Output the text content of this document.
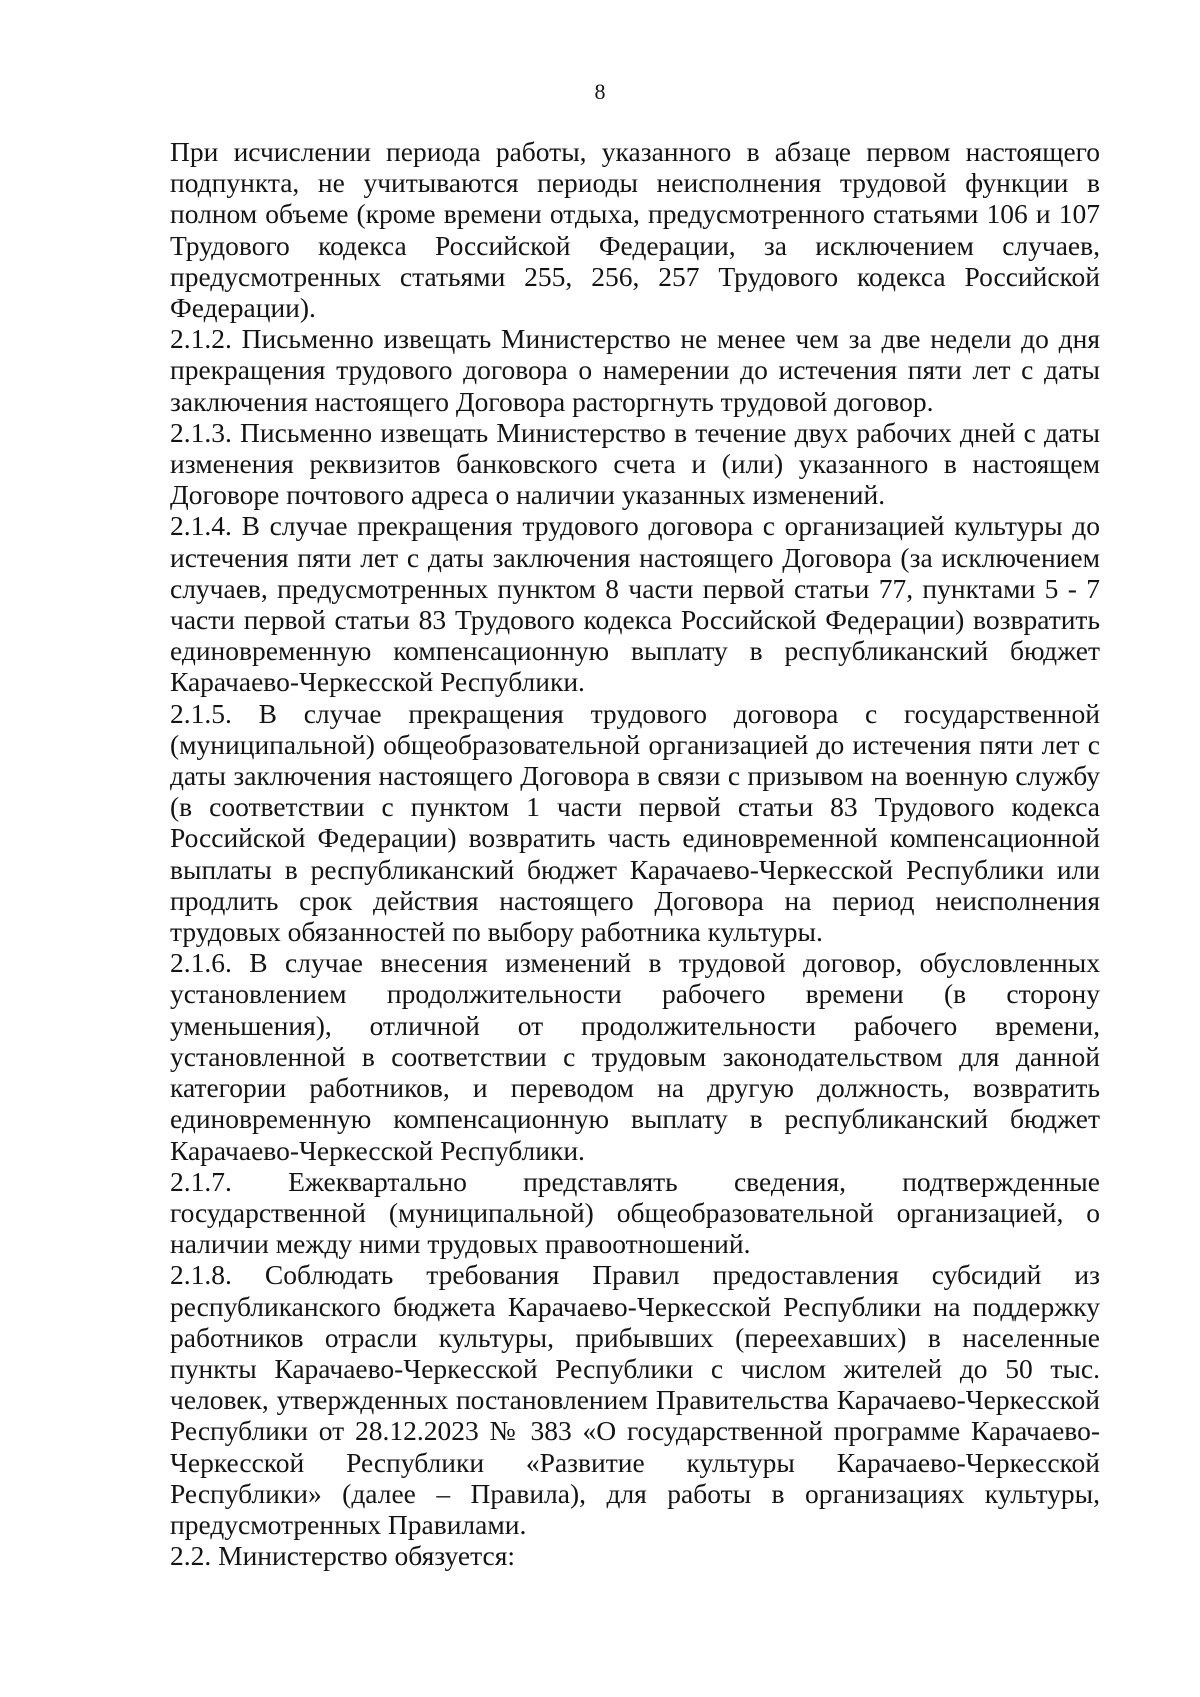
8

При исчислении периода работы, указанного в абзаце первом настоящего подпункта, не учитываются периоды неисполнения трудовой функции в полном объеме (кроме времени отдыха, предусмотренного статьями 106 и 107 Трудового кодекса Российской Федерации, за исключением случаев, предусмотренных статьями 255, 256, 257 Трудового кодекса Российской Федерации).

2.1.2. Письменно извещать Министерство не менее чем за две недели до дня прекращения трудового договора о намерении до истечения пяти лет с даты заключения настоящего Договора расторгнуть трудовой договор.

2.1.3. Письменно извещать Министерство в течение двух рабочих дней с даты изменения реквизитов банковского счета и (или) указанного в настоящем Договоре почтового адреса о наличии указанных изменений.

2.1.4. В случае прекращения трудового договора с организацией культуры до истечения пяти лет с даты заключения настоящего Договора (за исключением случаев, предусмотренных пунктом 8 части первой статьи 77, пунктами 5 - 7 части первой статьи 83 Трудового кодекса Российской Федерации) возвратить единовременную компенсационную выплату в республиканский бюджет Карачаево-Черкесской Республики.

2.1.5. В случае прекращения трудового договора с государственной (муниципальной) общеобразовательной организацией до истечения пяти лет с даты заключения настоящего Договора в связи с призывом на военную службу (в соответствии с пунктом 1 части первой статьи 83 Трудового кодекса Российской Федерации) возвратить часть единовременной компенсационной выплаты в республиканский бюджет Карачаево-Черкесской Республики или продлить срок действия настоящего Договора на период неисполнения трудовых обязанностей по выбору работника культуры.

2.1.6. В случае внесения изменений в трудовой договор, обусловленных установлением продолжительности рабочего времени (в сторону уменьшения), отличной от продолжительности рабочего времени, установленной в соответствии с трудовым законодательством для данной категории работников, и переводом на другую должность, возвратить единовременную компенсационную выплату в республиканский бюджет Карачаево-Черкесской Республики.

2.1.7. Ежеквартально представлять сведения, подтвержденные государственной (муниципальной) общеобразовательной организацией, о наличии между ними трудовых правоотношений.

2.1.8. Соблюдать требования Правил предоставления субсидий из республиканского бюджета Карачаево-Черкесской Республики на поддержку работников отрасли культуры, прибывших (переехавших) в населенные пункты Карачаево-Черкесской Республики с числом жителей до 50 тыс. человек, утвержденных постановлением Правительства Карачаево-Черкесской Республики от 28.12.2023 № 383 «О государственной программе Карачаево-Черкесской Республики «Развитие культуры Карачаево-Черкесской Республики» (далее – Правила), для работы в организациях культуры, предусмотренных Правилами.

2.2. Министерство обязуется:
